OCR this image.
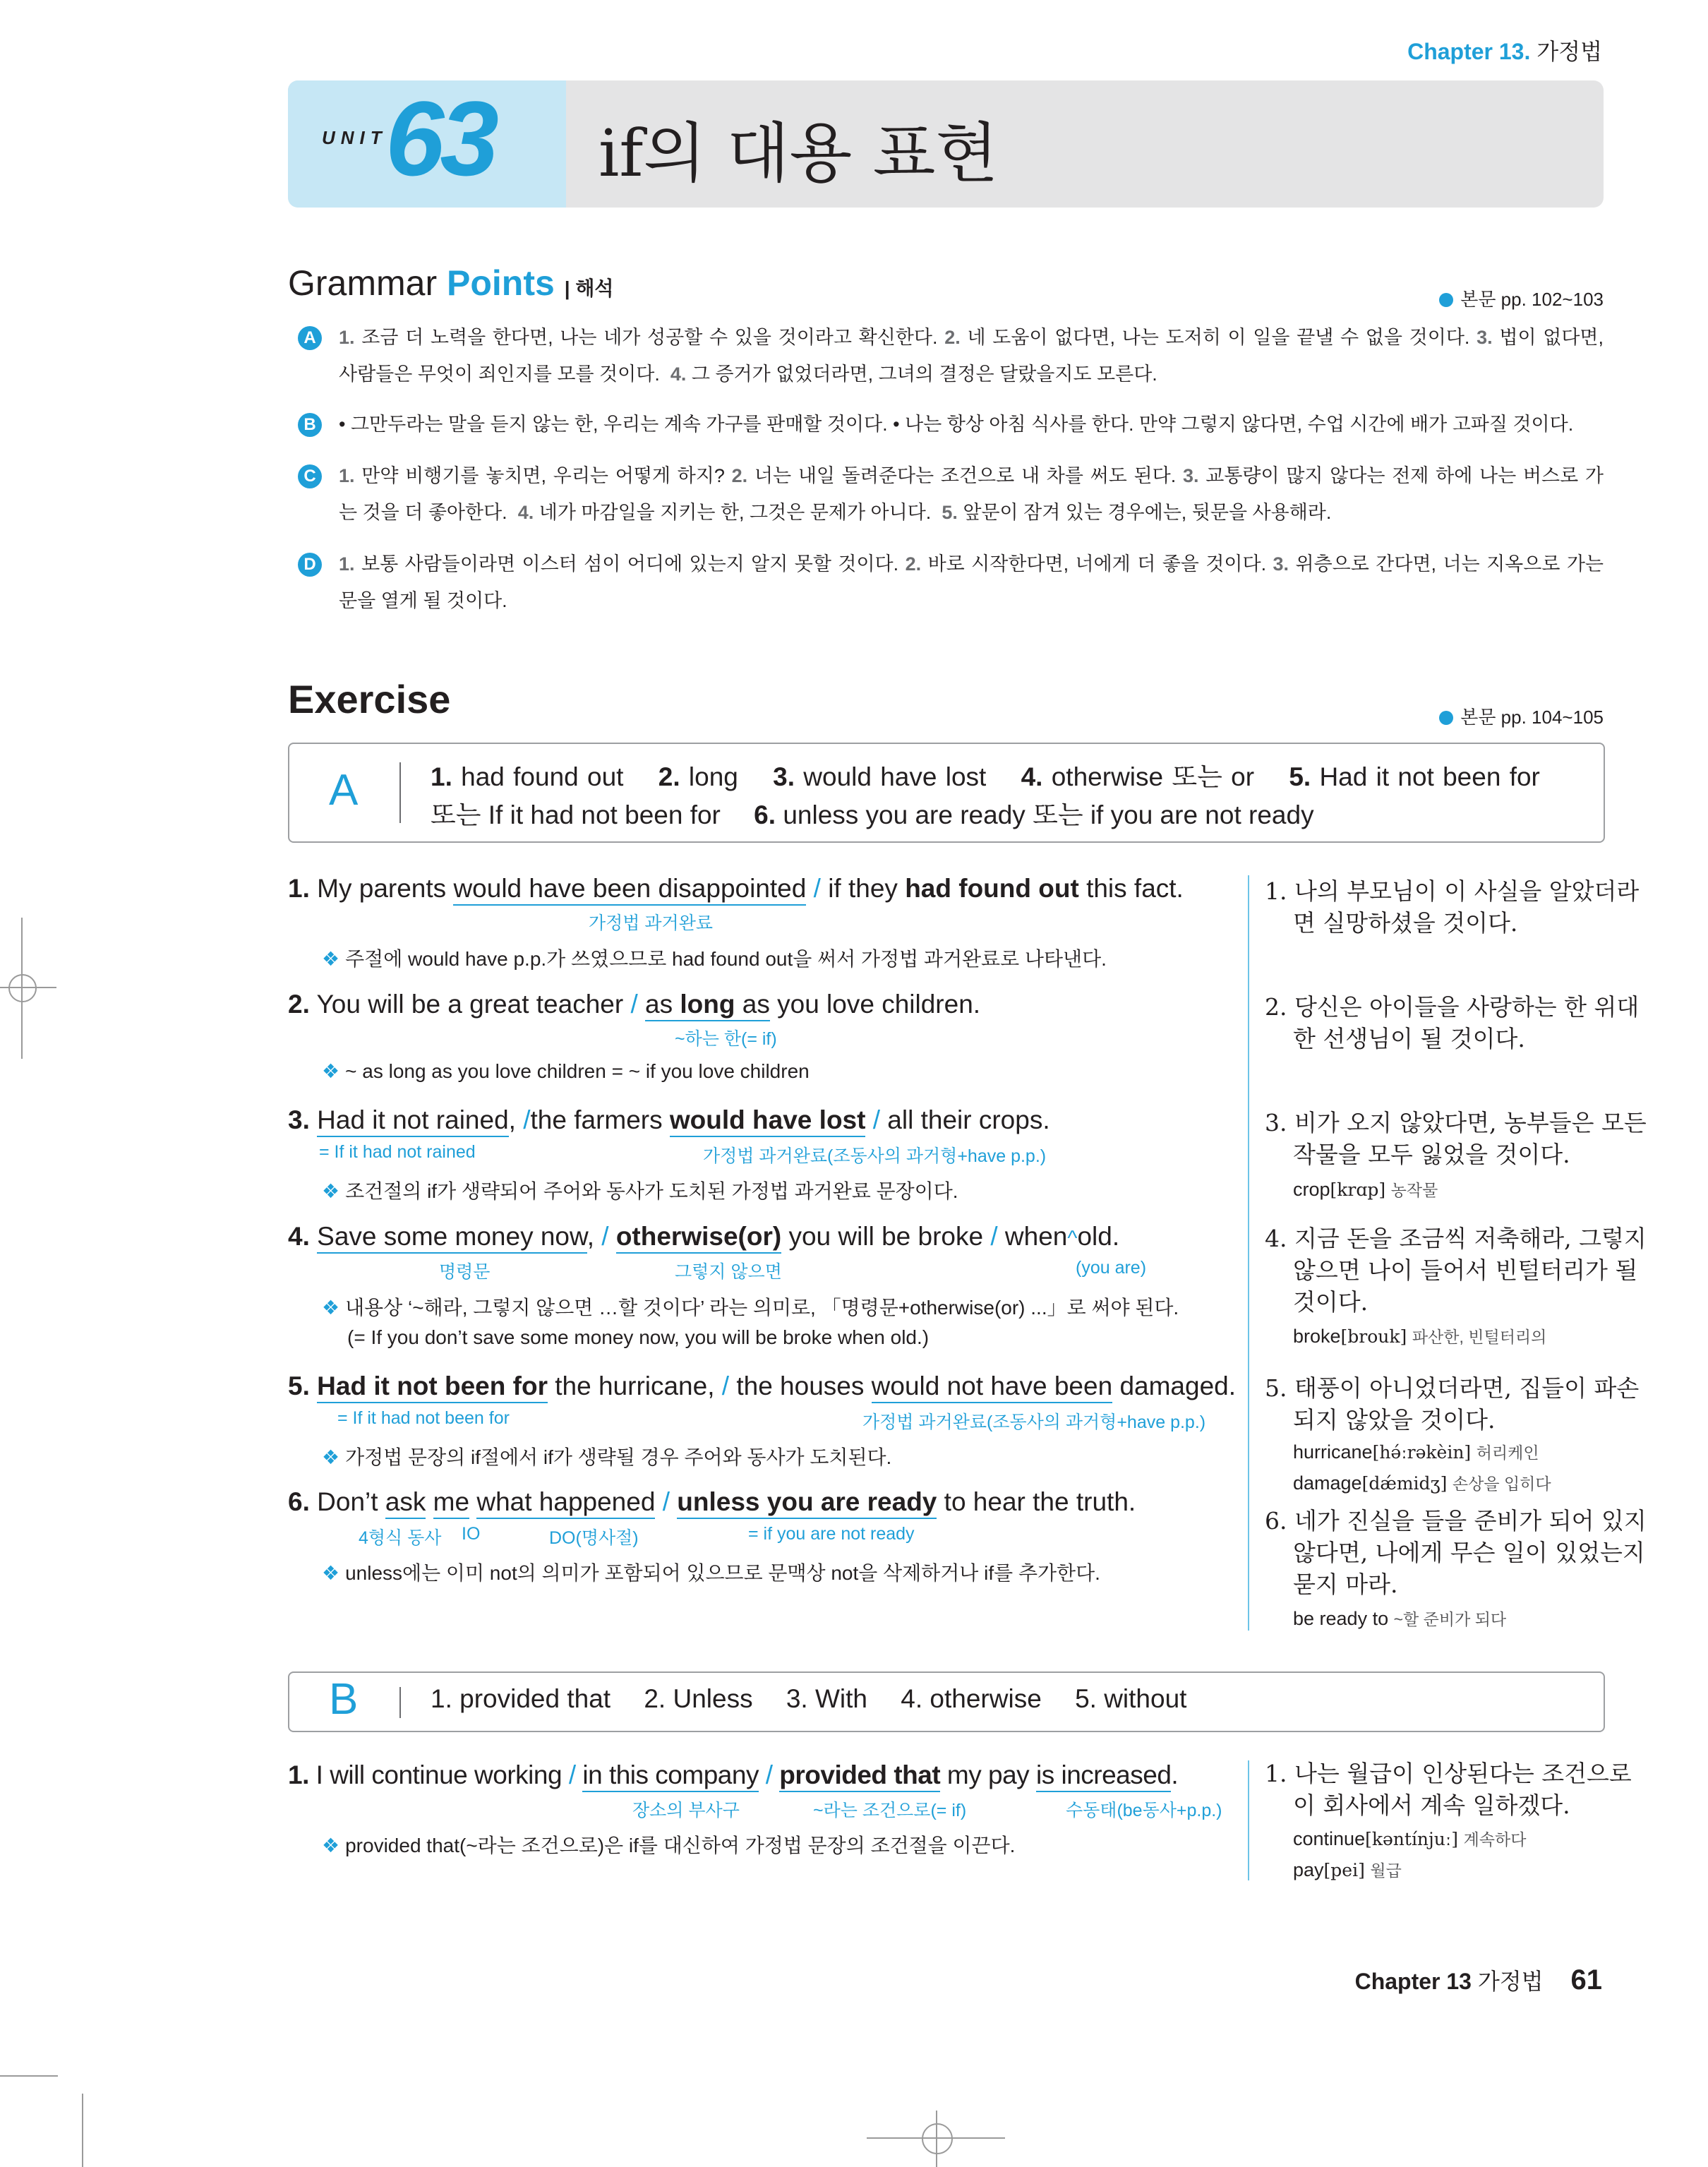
Chapter 13. 가정법
UNIT
63 if의 대용 표현
Grammar Points | 해석	본문 pp. 102~103
A	1. 조금 더 노력을 한다면, 나는 네가 성공할 수 있을 것이라고 확신한다. 2. 네 도움이 없다면, 나는 도저히 이 일을 끝낼 수 없을 것이다. 3. 법이 없다면,
사람들은 무엇이 죄인지를 모를 것이다. 4. 그 증거가 없었더라면, 그녀의 결정은 달랐을지도 모른다.
B	• 그만두라는 말을 듣지 않는 한, 우리는 계속 가구를 판매할 것이다. • 나는 항상 아침 식사를 한다. 만약 그렇지 않다면, 수업 시간에 배가 고파질 것이다.
C	1. 만약 비행기를 놓치면, 우리는 어떻게 하지? 2. 너는 내일 돌려준다는 조건으로 내 차를 써도 된다. 3. 교통량이 많지 않다는 전제 하에 나는 버스로 가
는 것을 더 좋아한다. 4. 네가 마감일을 지키는 한, 그것은 문제가 아니다. 5. 앞문이 잠겨 있는 경우에는, 뒷문을 사용해라.
D	1. 보통 사람들이라면 이스터 섬이 어디에 있는지 알지 못할 것이다. 2. 바로 시작한다면, 너에게 더 좋을 것이다. 3. 위층으로 간다면, 너는 지옥으로 가는
문을 열게 될 것이다.
Exercise	본문 pp. 104~105
A	1. had found out  2. long  3. would have lost  4. otherwise 또는 or  5. Had it not been for
또는 If it had not been for  6. unless you are ready 또는 if you are not ready
1. My parents would have been disappointed / if they had found out this fact.
가정법 과거완료
❖ 주절에 would have p.p.가 쓰였으므로 had found out을 써서 가정법 과거완료로 나타낸다.
1. 나의 부모님이 이 사실을 알았더라
면 실망하셨을 것이다.
2. You will be a great teacher / as long as you love children.
~하는 한(= if)
❖ ~ as long as you love children = ~ if you love children
2. 당신은 아이들을 사랑하는 한 위대
한 선생님이 될 것이다.
3. Had it not rained, /the farmers would have lost / all their crops.
= If it had not rained	가정법 과거완료(조동사의 과거형+have p.p.)
❖ 조건절의 if가 생략되어 주어와 동사가 도치된 가정법 과거완료 문장이다.
3. 비가 오지 않았다면, 농부들은 모든
작물을 모두 잃었을 것이다.
crop[krɑp] 농작물
4. Save some money now, / otherwise(or) you will be broke / when^old.
명령문	그렇지 않으면	(you are)
❖ 내용상 ‘~해라, 그렇지 않으면 …할 것이다’ 라는 의미로, 「명령문+otherwise(or) ...」로 써야 된다.
(= If you don’t save some money now, you will be broke when old.)
4. 지금 돈을 조금씩 저축해라, 그렇지
않으면 나이 들어서 빈털터리가 될
것이다.
broke[brouk] 파산한, 빈털터리의
5. Had it not been for the hurricane, / the houses would not have been damaged.
= If it had not been for	가정법 과거완료(조동사의 과거형+have p.p.)
❖ 가정법 문장의 if절에서 if가 생략될 경우 주어와 동사가 도치된다.
5. 태풍이 아니었더라면, 집들이 파손
되지 않았을 것이다.
hurricane[hə́ːrəkèin] 허리케인
damage[dǽmidʒ] 손상을 입히다
6. Don’t ask me what happened / unless you are ready to hear the truth.
4형식 동사 IO	DO(명사절)	= if you are not ready
❖ unless에는 이미 not의 의미가 포함되어 있으므로 문맥상 not을 삭제하거나 if를 추가한다.
6. 네가 진실을 들을 준비가 되어 있지
않다면, 나에게 무슨 일이 있었는지
묻지 마라.
be ready to ~할 준비가 되다
B	1. provided that  2. Unless  3. With  4. otherwise  5. without
1. I will continue working / in this company / provided that my pay is increased.
장소의 부사구	~라는 조건으로(= if)	수동태(be동사+p.p.)
❖ provided that(~라는 조건으로)은 if를 대신하여 가정법 문장의 조건절을 이끈다.
1. 나는 월급이 인상된다는 조건으로
이 회사에서 계속 일하겠다.
continue[kəntínjuː] 계속하다
pay[pei] 월급
Chapter 13 가정법 61
